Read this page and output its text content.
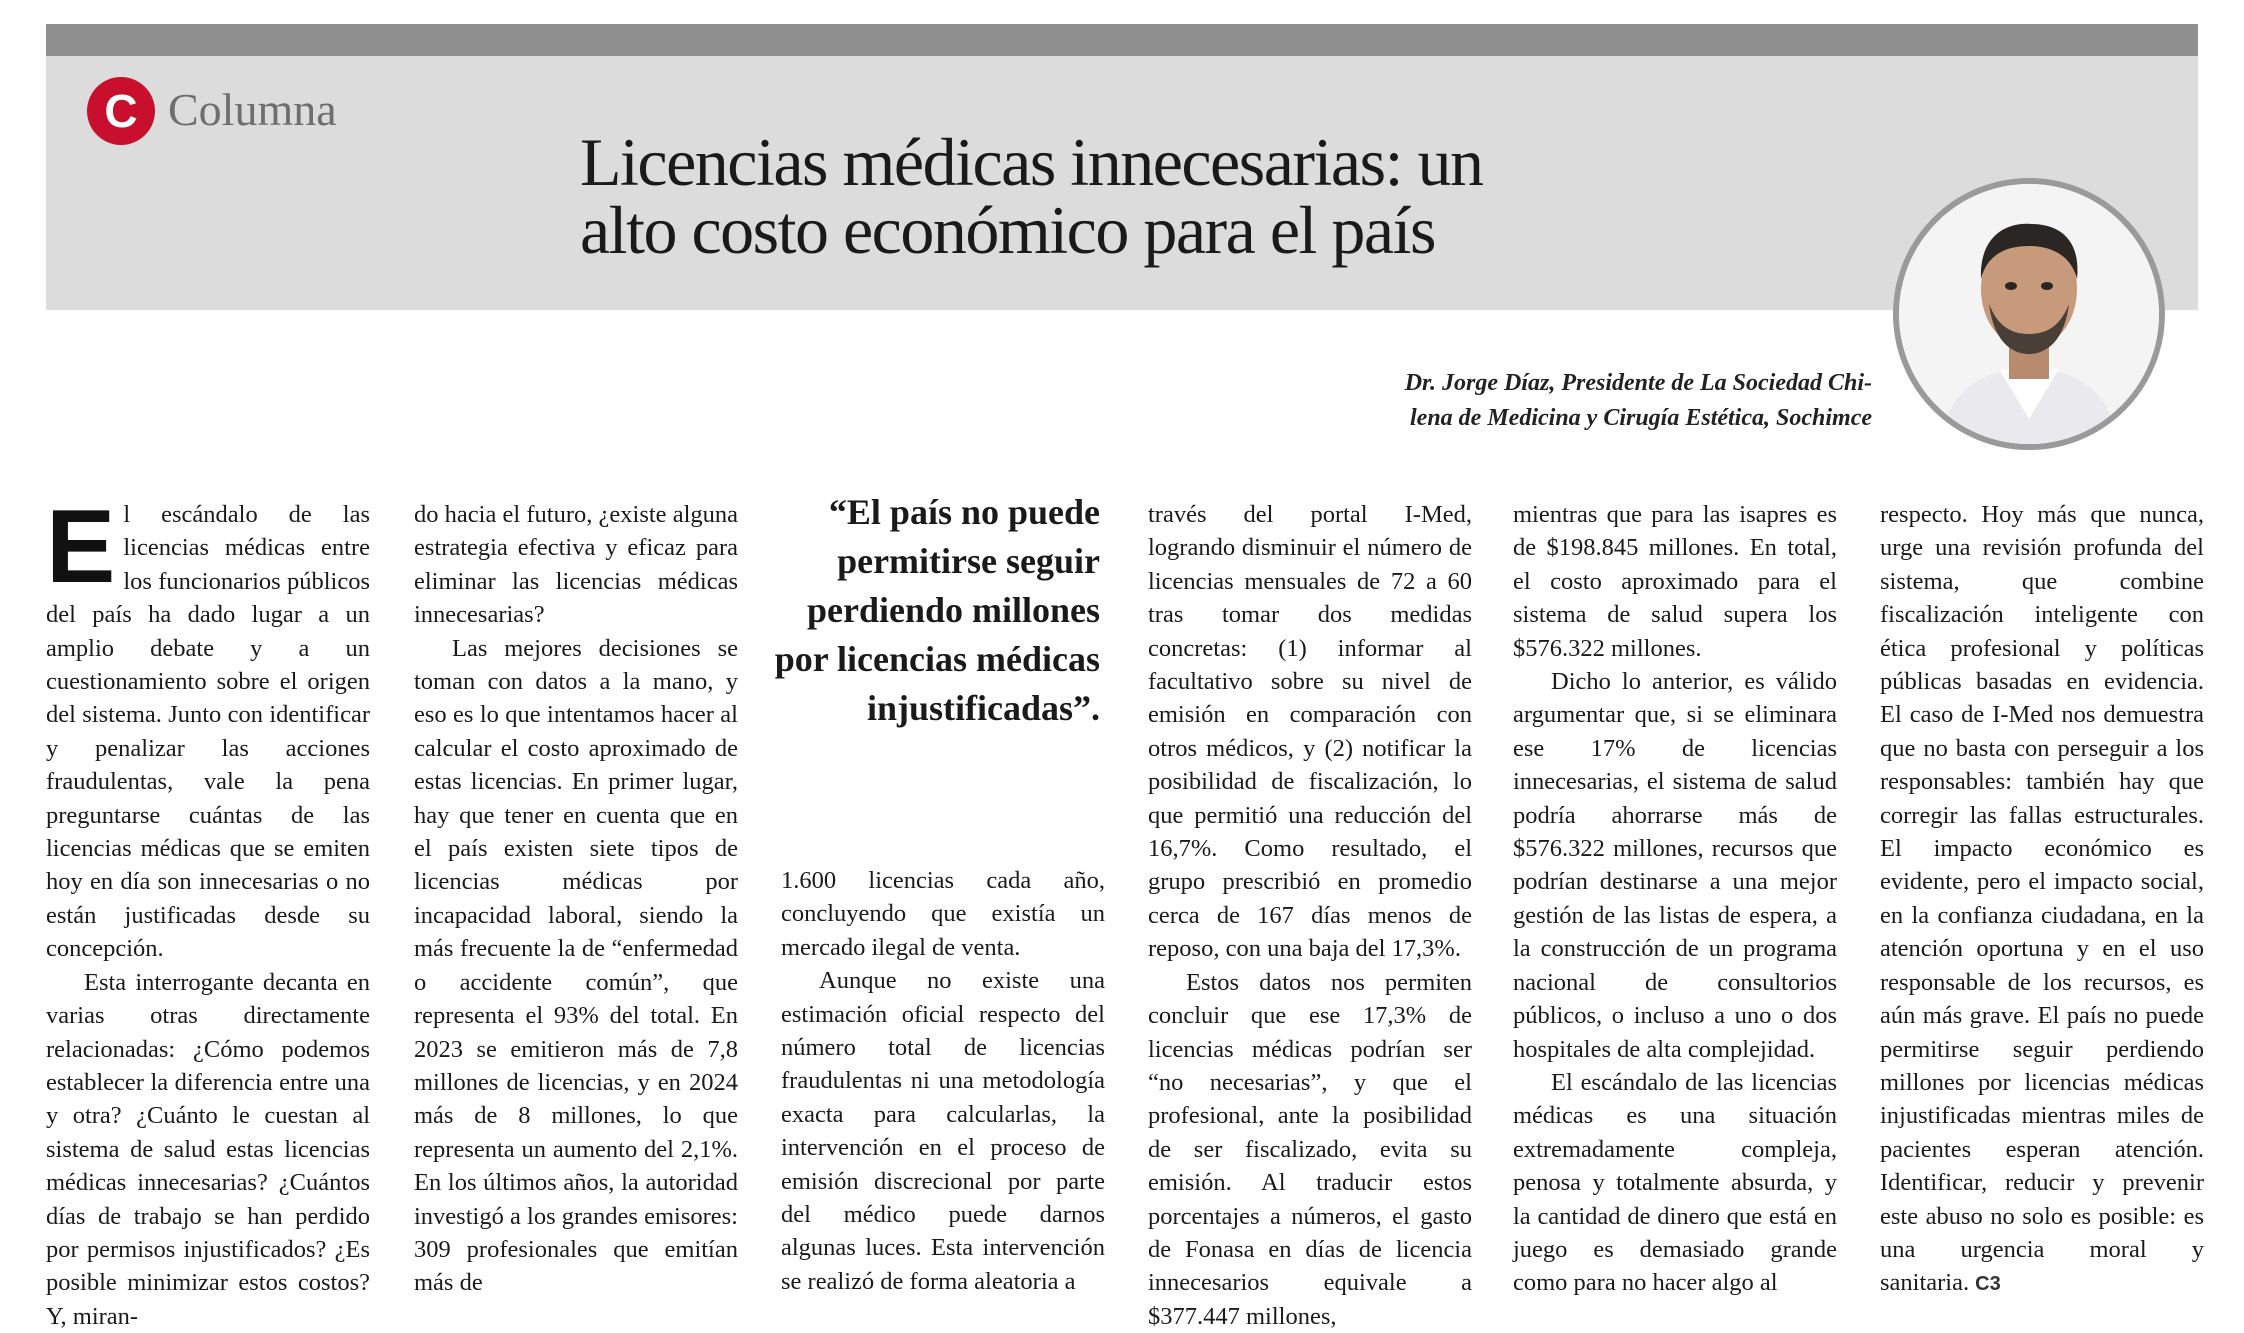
C Columna
Licencias médicas innecesarias: un
alto costo económico para el país
Dr. Jorge Díaz, Presidente de La Sociedad Chi-
lena de Medicina y Cirugía Estética, Sochimce

El escándalo de las licencias médicas entre los funcionarios públicos del país ha dado lugar a un amplio debate y a un cuestionamiento sobre el origen del sistema. Junto con identificar y penalizar las acciones fraudulentas, vale la pena preguntarse cuántas de las licencias médicas que se emiten hoy en día son innecesarias o no están justificadas desde su concepción.

Esta interrogante decanta en varias otras directamente relacionadas: ¿Cómo podemos establecer la diferencia entre una y otra? ¿Cuánto le cuestan al sistema de salud estas licencias médicas innecesarias? ¿Cuántos días de trabajo se han perdido por permisos injustificados? ¿Es posible minimizar estos costos? Y, miran-

do hacia el futuro, ¿existe alguna estrategia efectiva y eficaz para eliminar las licencias médicas innecesarias?

Las mejores decisiones se toman con datos a la mano, y eso es lo que intentamos hacer al calcular el costo aproximado de estas licencias. En primer lugar, hay que tener en cuenta que en el país existen siete tipos de licencias médicas por incapacidad laboral, siendo la más frecuente la de “enfermedad o accidente común”, que representa el 93% del total. En 2023 se emitieron más de 7,8 millones de licencias, y en 2024 más de 8 millones, lo que representa un aumento del 2,1%. En los últimos años, la autoridad investigó a los grandes emisores: 309 profesionales que emitían más de

“El país no puede permitirse seguir perdiendo millones por licencias médicas injustificadas”.

1.600 licencias cada año, concluyendo que existía un mercado ilegal de venta.

Aunque no existe una estimación oficial respecto del número total de licencias fraudulentas ni una metodología exacta para calcularlas, la intervención en el proceso de emisión discrecional por parte del médico puede darnos algunas luces. Esta intervención se realizó de forma aleatoria a

través del portal I-Med, logrando disminuir el número de licencias mensuales de 72 a 60 tras tomar dos medidas concretas: (1) informar al facultativo sobre su nivel de emisión en comparación con otros médicos, y (2) notificar la posibilidad de fiscalización, lo que permitió una reducción del 16,7%. Como resultado, el grupo prescribió en promedio cerca de 167 días menos de reposo, con una baja del 17,3%.

Estos datos nos permiten concluir que ese 17,3% de licencias médicas podrían ser “no necesarias”, y que el profesional, ante la posibilidad de ser fiscalizado, evita su emisión. Al traducir estos porcentajes a números, el gasto de Fonasa en días de licencia innecesarios equivale a $377.447 millones,

mientras que para las isapres es de $198.845 millones. En total, el costo aproximado para el sistema de salud supera los $576.322 millones.

Dicho lo anterior, es válido argumentar que, si se eliminara ese 17% de licencias innecesarias, el sistema de salud podría ahorrarse más de $576.322 millones, recursos que podrían destinarse a una mejor gestión de las listas de espera, a la construcción de un programa nacional de consultorios públicos, o incluso a uno o dos hospitales de alta complejidad.

El escándalo de las licencias médicas es una situación extremadamente compleja, penosa y totalmente absurda, y la cantidad de dinero que está en juego es demasiado grande como para no hacer algo al

respecto. Hoy más que nunca, urge una revisión profunda del sistema, que combine fiscalización inteligente con ética profesional y políticas públicas basadas en evidencia. El caso de I-Med nos demuestra que no basta con perseguir a los responsables: también hay que corregir las fallas estructurales. El impacto económico es evidente, pero el impacto social, en la confianza ciudadana, en la atención oportuna y en el uso responsable de los recursos, es aún más grave. El país no puede permitirse seguir perdiendo millones por licencias médicas injustificadas mientras miles de pacientes esperan atención. Identificar, reducir y prevenir este abuso no solo es posible: es una urgencia moral y sanitaria. C3
